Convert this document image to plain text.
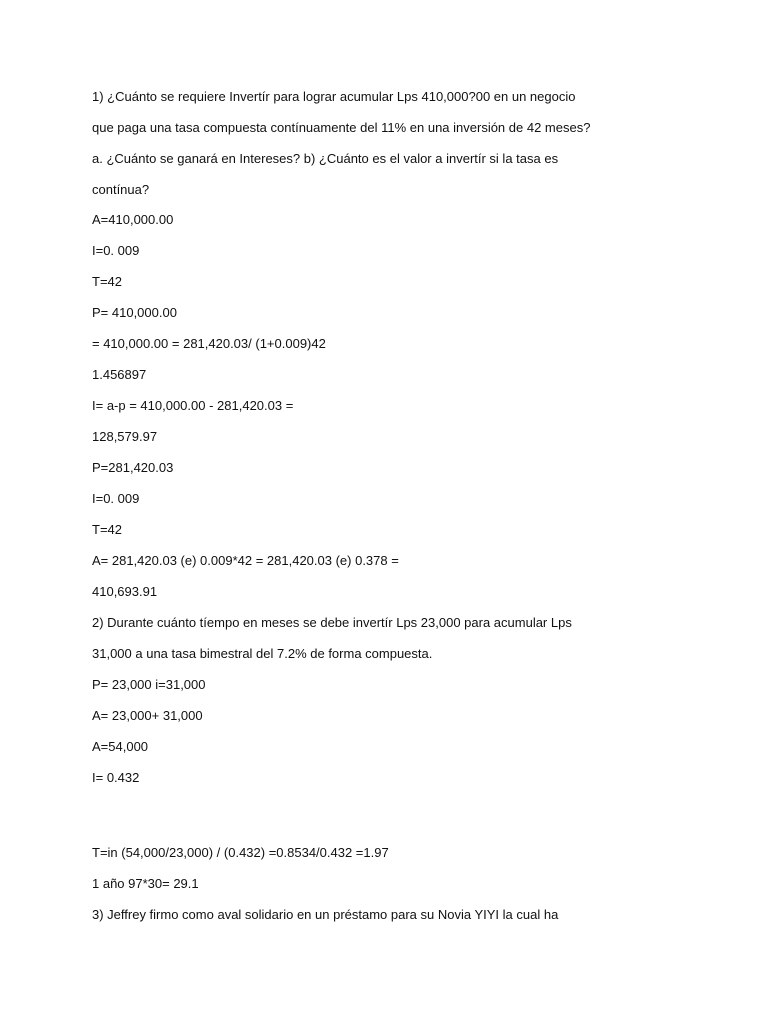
1) ¿Cuánto se requiere Invertír para lograr acumular Lps 410,000?00 en un negocio
que paga una tasa compuesta contínuamente del 11% en una inversión de 42 meses?
a. ¿Cuánto se ganará en Intereses? b) ¿Cuánto es el valor a invertír si la tasa es
contínua?
A=410,000.00
I=0. 009
T=42
P= 410,000.00
= 410,000.00 = 281,420.03/ (1+0.009)42
1.456897
I= a-p = 410,000.00 - 281,420.03 =
128,579.97
P=281,420.03
I=0. 009
T=42
A= 281,420.03 (e) 0.009*42 = 281,420.03 (e) 0.378 =
410,693.91
2) Durante cuánto tíempo en meses se debe invertír Lps 23,000 para acumular Lps
31,000 a una tasa bimestral del 7.2% de forma compuesta.
P= 23,000 i=31,000
A= 23,000+ 31,000
A=54,000
I= 0.432
T=in (54,000/23,000) / (0.432) =0.8534/0.432 =1.97
1 año 97*30= 29.1
3) Jeffrey firmo como aval solidario en un préstamo para su Novia YIYI la cual ha
